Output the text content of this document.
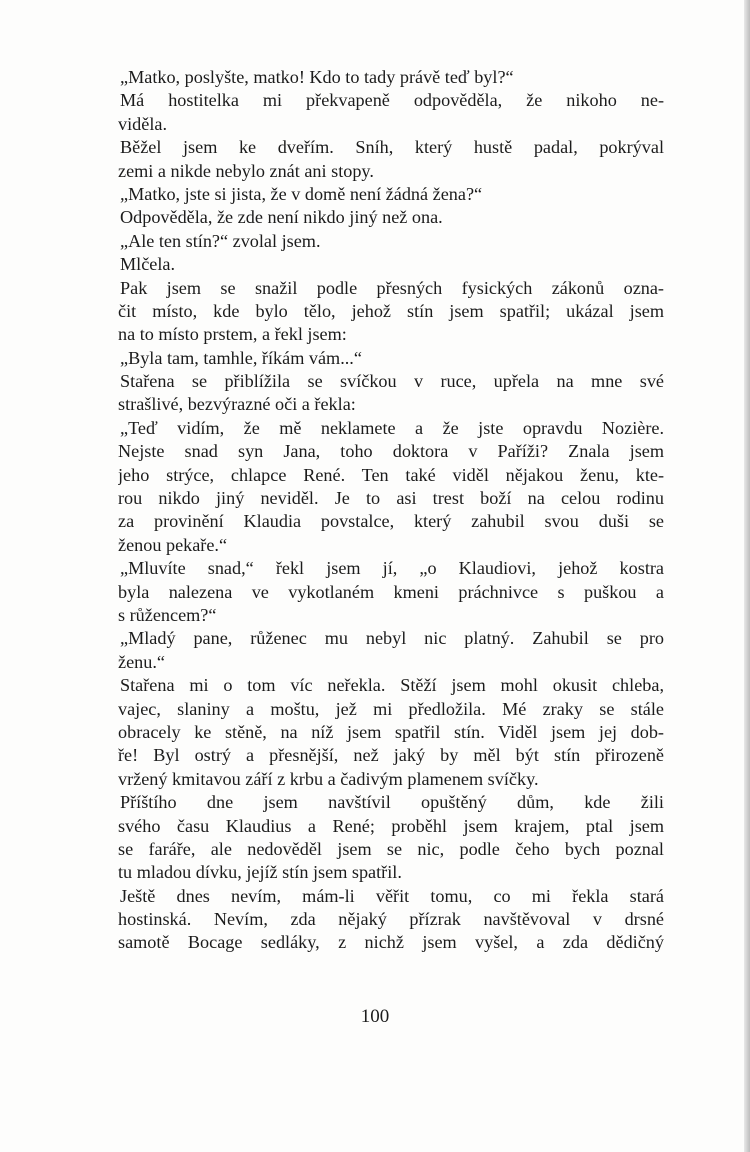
„Matko, poslyšte, matko! Kdo to tady právě teď byl?“
Má hostitelka mi překvapeně odpověděla, že nikoho ne-
viděla.
Běžel jsem ke dveřím. Sníh, který hustě padal, pokrýval
zemi a nikde nebylo znát ani stopy.
„Matko, jste si jista, že v domě není žádná žena?“
Odpověděla, že zde není nikdo jiný než ona.
„Ale ten stín?“ zvolal jsem.
Mlčela.
Pak jsem se snažil podle přesných fysických zákonů ozna-
čit místo, kde bylo tělo, jehož stín jsem spatřil; ukázal jsem
na to místo prstem, a řekl jsem:
„Byla tam, tamhle, říkám vám...“
Stařena se přiblížila se svíčkou v ruce, upřela na mne své
strašlivé, bezvýrazné oči a řekla:
„Teď vidím, že mě neklamete a že jste opravdu Nozière.
Nejste snad syn Jana, toho doktora v Paříži? Znala jsem
jeho strýce, chlapce René. Ten také viděl nějakou ženu, kte-
rou nikdo jiný neviděl. Je to asi trest boží na celou rodinu
za provinění Klaudia povstalce, který zahubil svou duši se
ženou pekaře.“
„Mluvíte snad,“ řekl jsem jí, „o Klaudiovi, jehož kostra
byla nalezena ve vykotlaném kmeni práchnivce s puškou a
s růžencem?“
„Mladý pane, růženec mu nebyl nic platný. Zahubil se pro
ženu.“
Stařena mi o tom víc neřekla. Stěží jsem mohl okusit chleba,
vajec, slaniny a moštu, jež mi předložila. Mé zraky se stále
obracely ke stěně, na níž jsem spatřil stín. Viděl jsem jej dob-
ře! Byl ostrý a přesnější, než jaký by měl být stín přirozeně
vržený kmitavou září z krbu a čadivým plamenem svíčky.
Příštího dne jsem navštívil opuštěný dům, kde žili
svého času Klaudius a René; proběhl jsem krajem, ptal jsem
se faráře, ale nedověděl jsem se nic, podle čeho bych poznal
tu mladou dívku, jejíž stín jsem spatřil.
Ještě dnes nevím, mám-li věřit tomu, co mi řekla stará
hostinská. Nevím, zda nějaký přízrak navštěvoval v drsné
samotě Bocage sedláky, z nichž jsem vyšel, a zda dědičný
100
